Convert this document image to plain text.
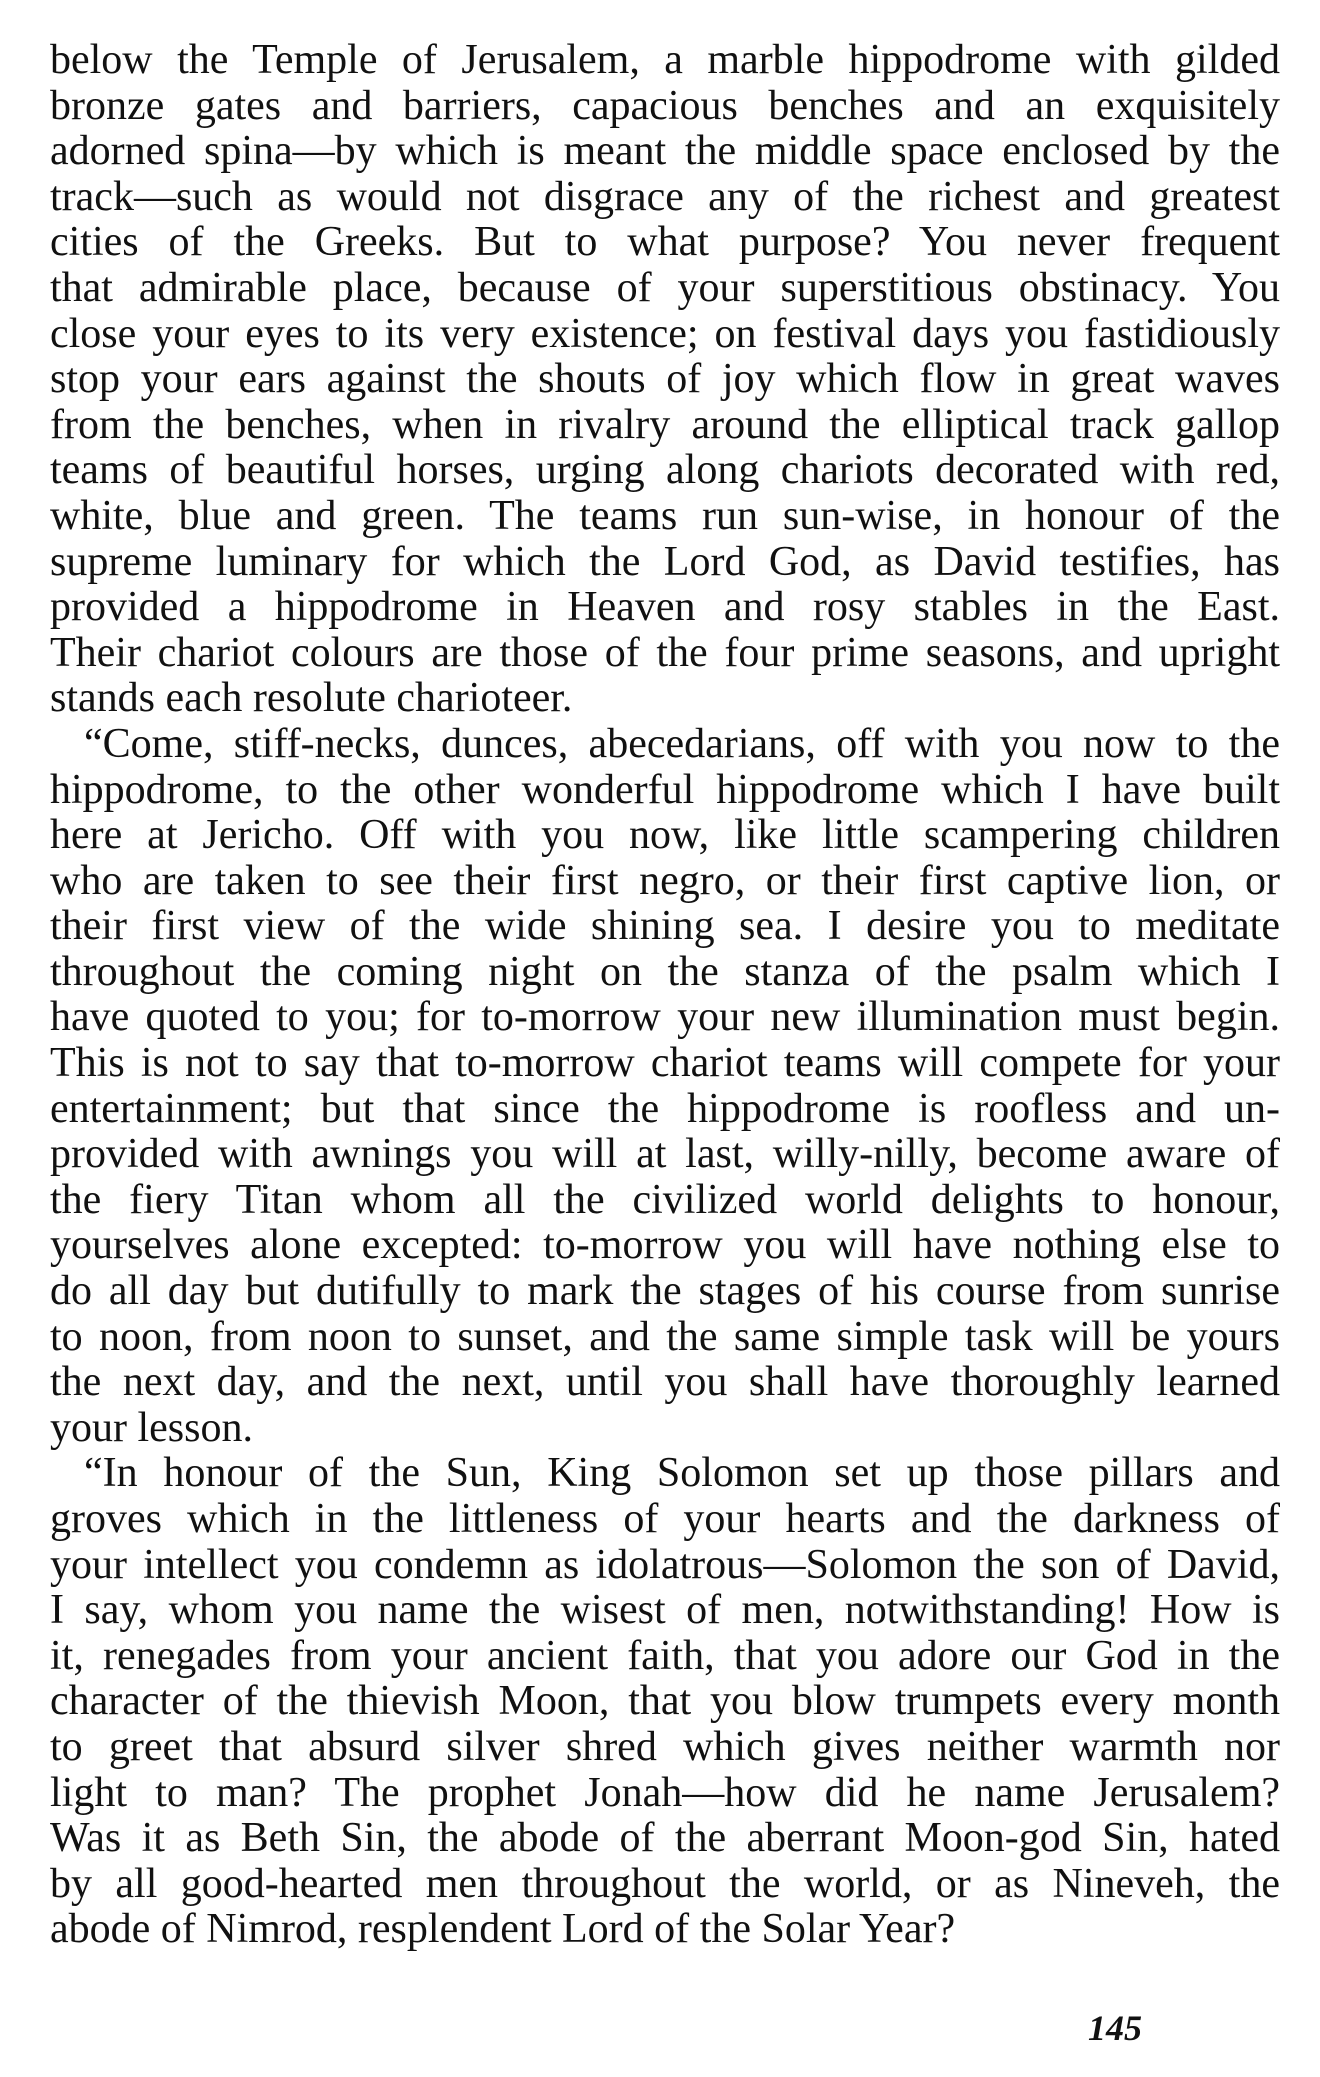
below the Temple of Jerusalem, a marble hippodrome with gilded
bronze gates and barriers, capacious benches and an exquisitely
adorned spina—by which is meant the middle space enclosed by the
track—such as would not disgrace any of the richest and greatest
cities of the Greeks. But to what purpose? You never frequent
that admirable place, because of your superstitious obstinacy. You
close your eyes to its very existence; on festival days you fastidiously
stop your ears against the shouts of joy which flow in great waves
from the benches, when in rivalry around the elliptical track gallop
teams of beautiful horses, urging along chariots decorated with red,
white, blue and green. The teams run sun-wise, in honour of the
supreme luminary for which the Lord God, as David testifies, has
provided a hippodrome in Heaven and rosy stables in the East.
Their chariot colours are those of the four prime seasons, and upright
stands each resolute charioteer.
“Come, stiff-necks, dunces, abecedarians, off with you now to the
hippodrome, to the other wonderful hippodrome which I have built
here at Jericho. Off with you now, like little scampering children
who are taken to see their first negro, or their first captive lion, or
their first view of the wide shining sea. I desire you to meditate
throughout the coming night on the stanza of the psalm which I
have quoted to you; for to-morrow your new illumination must begin.
This is not to say that to-morrow chariot teams will compete for your
entertainment; but that since the hippodrome is roofless and un-
provided with awnings you will at last, willy-nilly, become aware of
the fiery Titan whom all the civilized world delights to honour,
yourselves alone excepted: to-morrow you will have nothing else to
do all day but dutifully to mark the stages of his course from sunrise
to noon, from noon to sunset, and the same simple task will be yours
the next day, and the next, until you shall have thoroughly learned
your lesson.
“In honour of the Sun, King Solomon set up those pillars and
groves which in the littleness of your hearts and the darkness of
your intellect you condemn as idolatrous—Solomon the son of David,
I say, whom you name the wisest of men, notwithstanding! How is
it, renegades from your ancient faith, that you adore our God in the
character of the thievish Moon, that you blow trumpets every month
to greet that absurd silver shred which gives neither warmth nor
light to man? The prophet Jonah—how did he name Jerusalem?
Was it as Beth Sin, the abode of the aberrant Moon-god Sin, hated
by all good-hearted men throughout the world, or as Nineveh, the
abode of Nimrod, resplendent Lord of the Solar Year?
145
